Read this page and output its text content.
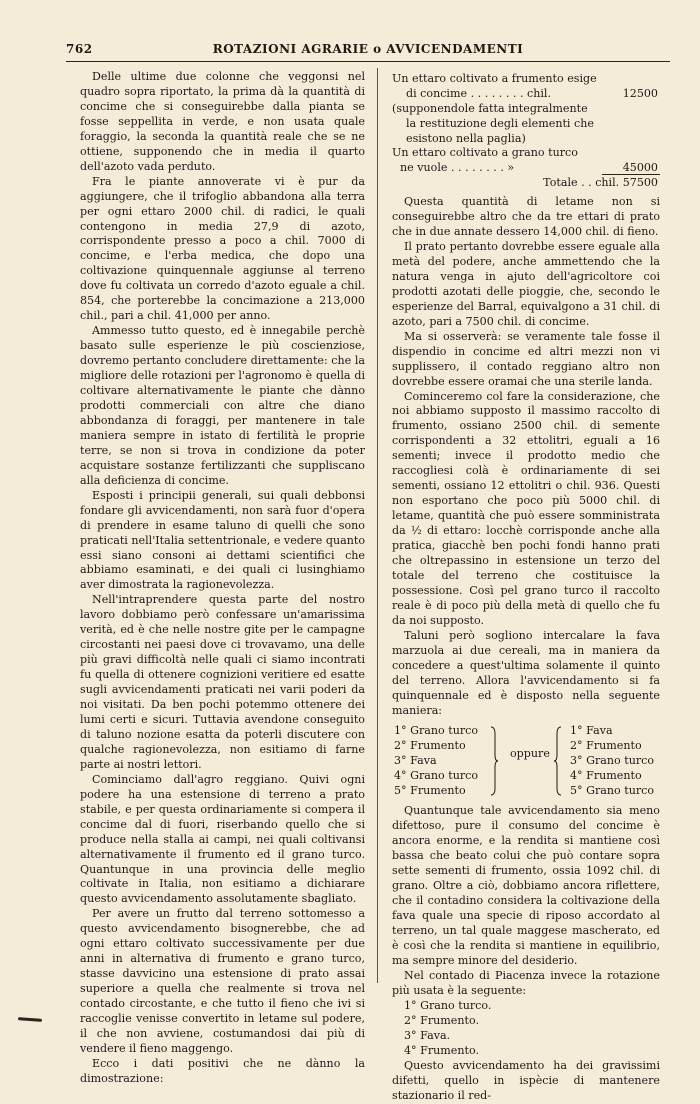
762	ROTAZIONI AGRARIE o AVVICENDAMENTI

Delle ultime due colonne che veggonsi nel quadro sopra riportato, la prima dà la quantità di concime che si conseguirebbe dalla pianta se fosse seppellita in verde, e non usata quale foraggio, la seconda la quantità reale che se ne ottiene, supponendo che in media il quarto dell'azoto vada perduto.

Fra le piante annoverate vi è pur da aggiungere, che il trifoglio abbandona alla terra per ogni ettaro 2000 chil. di radici, le quali contengono in media 27,9 di azoto, corrispondente presso a poco a chil. 7000 di concime, e l'erba medica, che dopo una coltivazione quinquennale aggiunse al terreno dove fu coltivata un corredo d'azoto eguale a chil. 854, che porterebbe la concimazione a 213,000 chil., pari a chil. 41,000 per anno.

Ammesso tutto questo, ed è innegabile perchè basato sulle esperienze le più coscienziose, dovremo pertanto concludere direttamente: che la migliore delle rotazioni per l'agronomo è quella di coltivare alternativamente le piante che dànno prodotti commerciali con altre che diano abbondanza di foraggi, per mantenere in tale maniera sempre in istato di fertilità le proprie terre, se non si trova in condizione da poter acquistare sostanze fertilizzanti che suppliscano alla deficienza di concime.

Esposti i principii generali, sui quali debbonsi fondare gli avvicendamenti, non sarà fuor d'opera di prendere in esame taluno di quelli che sono praticati nell'Italia settentrionale, e vedere quanto essi siano consoni ai dettami scientifici che abbiamo esaminati, e dei quali ci lusinghiamo aver dimostrata la ragionevolezza.

Nell'intraprendere questa parte del nostro lavoro dobbiamo però confessare un'amarissima verità, ed è che nelle nostre gite per le campagne circostanti nei paesi dove ci trovavamo, una delle più gravi difficoltà nelle quali ci siamo incontrati fu quella di ottenere cognizioni veritiere ed esatte sugli avvicendamenti praticati nei varii poderi da noi visitati. Da ben pochi potemmo ottenere dei lumi certi e sicuri. Tuttavia avendone conseguito di taluno nozione esatta da poterli discutere con qualche ragionevolezza, non esitiamo di farne parte ai nostri lettori.

Cominciamo dall'agro reggiano. Quivi ogni podere ha una estensione di terreno a prato stabile, e per questa ordinariamente si compera il concime dal di fuori, riserbando quello che si produce nella stalla ai campi, nei quali coltivansi alternativamente il frumento ed il grano turco. Quantunque in una provincia delle meglio coltivate in Italia, non esitiamo a dichiarare questo avvicendamento assolutamente sbagliato.

Per avere un frutto dal terreno sottomesso a questo avvicendamento bisognerebbe, che ad ogni ettaro coltivato successivamente per due anni in alternativa di frumento e grano turco, stasse davvicino una estensione di prato assai superiore a quella che realmente si trova nel contado circostante, e che tutto il fieno che ivi si raccoglie venisse convertito in letame sul podere, il che non avviene, costumandosi dai più di vendere il fieno maggengo.

Ecco i dati positivi che ne dànno la dimostrazione:

Un ettaro coltivato a frumento esige
di concime . . . . . . . . chil.	12500
(supponendole fatta integralmente
la restituzione degli elementi che
esistono nella paglia)
Un ettaro coltivato a grano turco
ne vuole . . . . . . . . »	45000
Totale . . chil. 57500

Questa quantità di letame non si conseguirebbe altro che da tre ettari di prato che in due annate dessero 14,000 chil. di fieno.

Il prato pertanto dovrebbe essere eguale alla metà del podere, anche ammettendo che la natura venga in ajuto dell'agricoltore coi prodotti azotati delle pioggie, che, secondo le esperienze del Barral, equivalgono a 31 chil. di azoto, pari a 7500 chil. di concime.

Ma si osserverà: se veramente tale fosse il dispendio in concime ed altri mezzi non vi supplissero, il contado reggiano altro non dovrebbe essere oramai che una sterile landa.

Cominceremo col fare la considerazione, che noi abbiamo supposto il massimo raccolto di frumento, ossiano 2500 chil. di semente corrispondenti a 32 ettolitri, eguali a 16 sementi; invece il prodotto medio che raccogliesi colà è ordinariamente di sei sementi, ossiano 12 ettolitri o chil. 936. Questi non esportano che poco più 5000 chil. di letame, quantità che può essere somministrata da ½ di ettaro: locchè corrisponde anche alla pratica, giacchè ben pochi fondi hanno prati che oltrepassino in estensione un terzo del totale del terreno che costituisce la possessione. Così pel grano turco il raccolto reale è di poco più della metà di quello che fu da noi supposto.

Taluni però sogliono intercalare la fava marzuola ai due cereali, ma in maniera da concedere a quest'ultima solamente il quinto del terreno. Allora l'avvicendamento si fa quinquennale ed è disposto nella seguente maniera:

1° Grano turco
2° Frumento
3° Fava
4° Grano turco
5° Frumento
oppure
1° Fava
2° Frumento
3° Grano turco
4° Frumento
5° Grano turco

Quantunque tale avvicendamento sia meno difettoso, pure il consumo del concime è ancora enorme, e la rendita si mantiene così bassa che beato colui che può contare sopra sette sementi di frumento, ossia 1092 chil. di grano. Oltre a ciò, dobbiamo ancora riflettere, che il contadino considera la coltivazione della fava quale una specie di riposo accordato al terreno, un tal quale maggese mascherato, ed è così che la rendita si mantiene in equilibrio, ma sempre minore del desiderio.

Nel contado di Piacenza invece la rotazione più usata è la seguente:

1° Grano turco.
2° Frumento.
3° Fava.
4° Frumento.

Questo avvicendamento ha dei gravissimi difetti, quello in ispècie di mantenere stazionario il red-
